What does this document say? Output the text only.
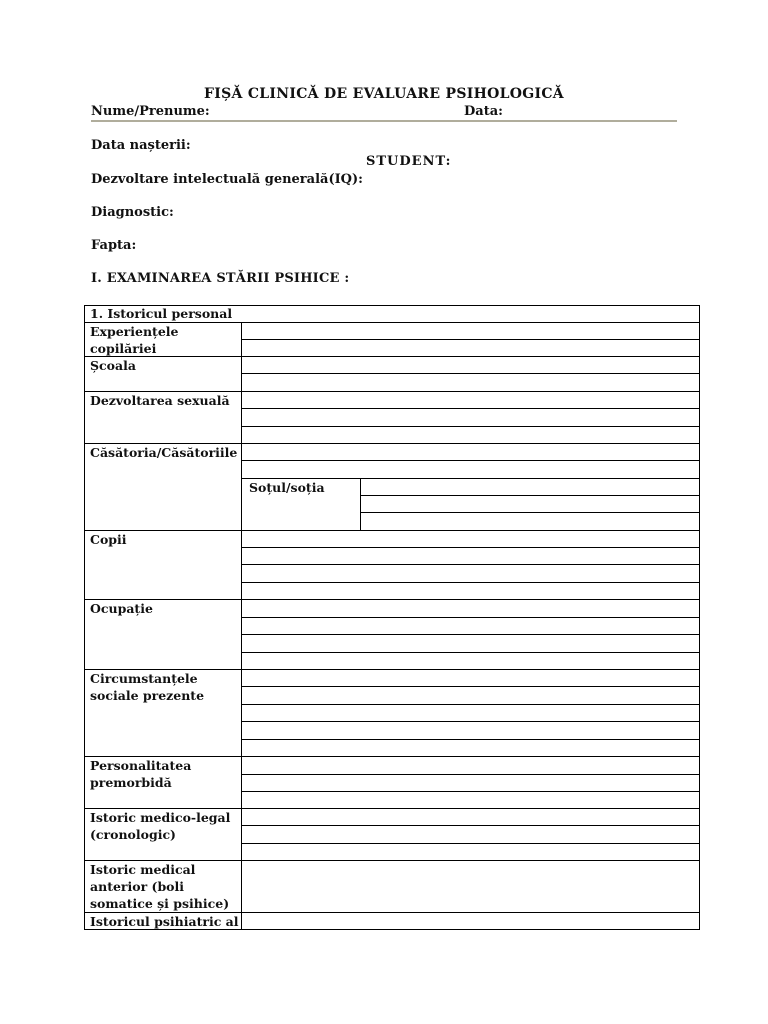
FIȘĂ CLINICĂ DE EVALUARE PSIHOLOGICĂ
Nume/Prenume:	Data:
Data nașterii:
STUDENT:
Dezvoltare intelectuală generală(IQ):
Diagnostic:
Fapta:
I. EXAMINAREA STĂRII PSIHICE :
1. Istoricul personal
Experiențele copilăriei
Școala
Dezvoltarea sexuală
Căsătoria/Căsătoriile
Soțul/soția
Copii
Ocupație
Circumstanțele sociale prezente
Personalitatea premorbidă
Istoric medico-legal (cronologic)
Istoric medical anterior (boli somatice și psihice)
Istoricul psihiatric al
